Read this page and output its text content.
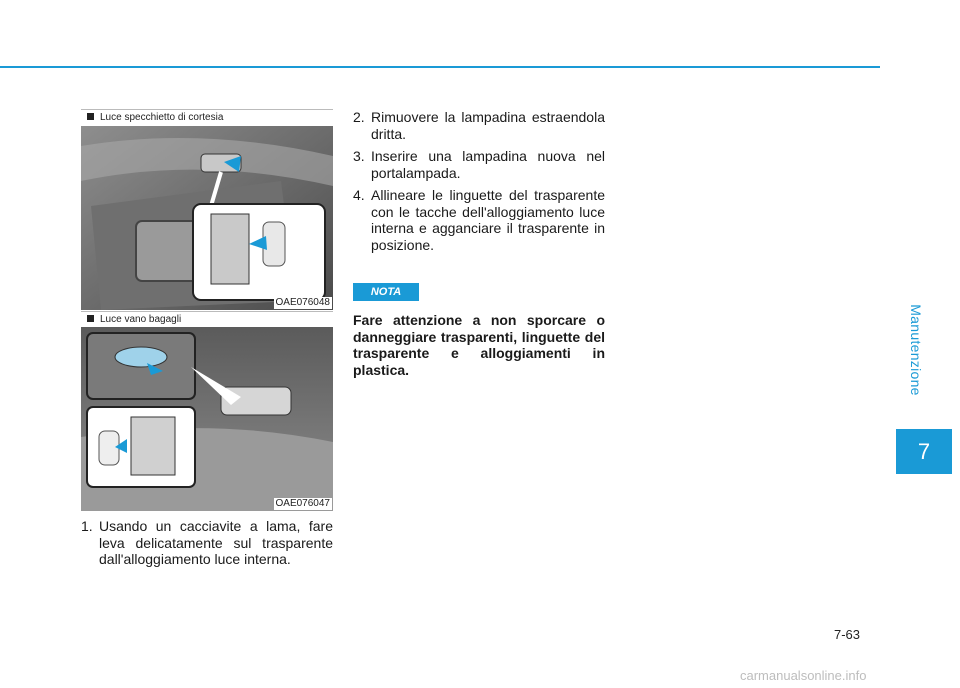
Luce specchietto di cortesia
OAE076048
Luce vano bagagli
OAE076047
1. Usando un cacciavite a lama, fare leva delicatamente sul trasparente dall'alloggiamento luce interna.
2. Rimuovere la lampadina estraendola dritta.
3. Inserire una lampadina nuova nel portalampada.
4. Allineare le linguette del trasparente con le tacche dell'alloggiamento luce interna e agganciare il trasparente in posizione.
NOTA
Fare attenzione a non sporcare o danneggiare trasparenti, linguette del trasparente e alloggiamenti in plastica.	Manutenzione
7
7-63
carmanualsonline.info
